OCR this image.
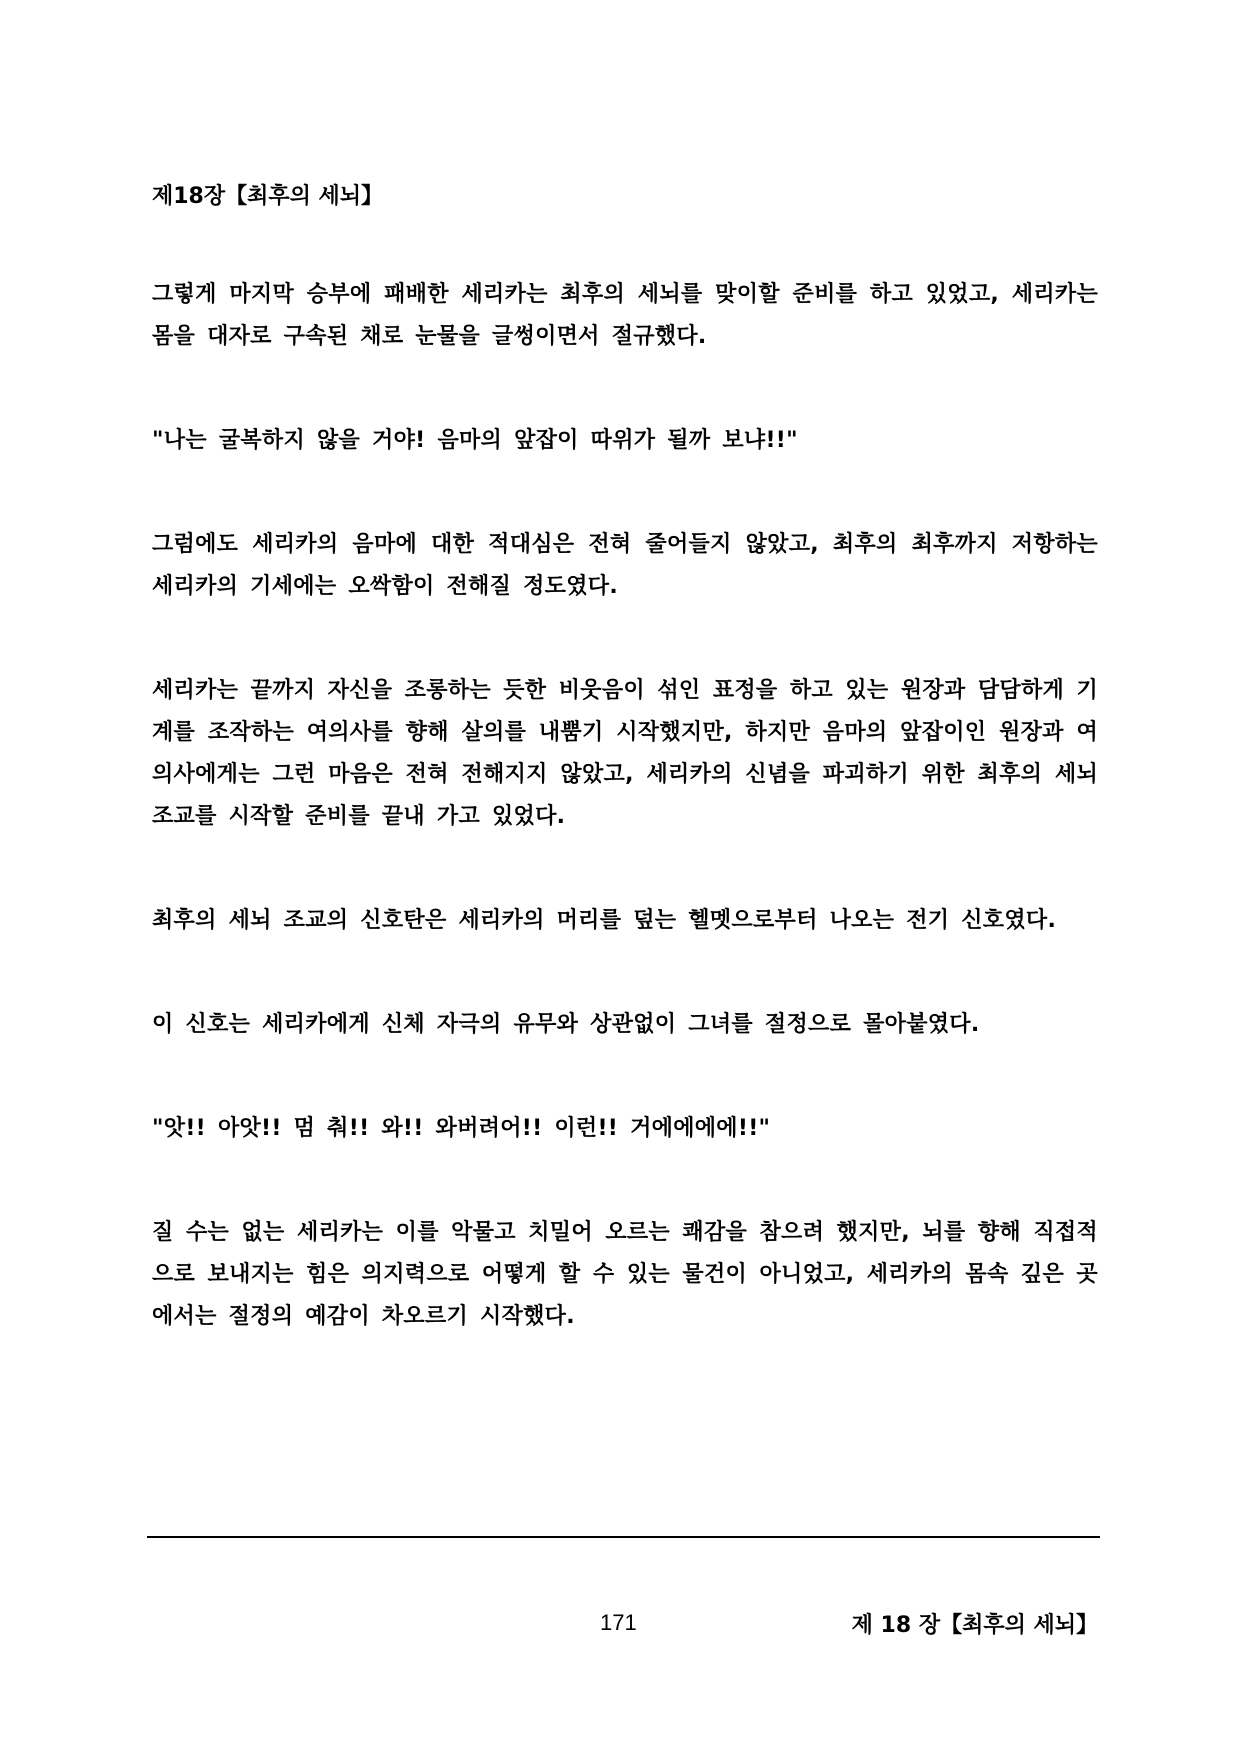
제18장【최후의 세뇌】

그렇게 마지막 승부에 패배한 세리카는 최후의 세뇌를 맞이할 준비를 하고 있었고, 세리카는 몸을 대자로 구속된 채로 눈물을 글썽이면서 절규했다.

"나는 굴복하지 않을 거야! 음마의 앞잡이 따위가 될까 보냐!!"

그럼에도 세리카의 음마에 대한 적대심은 전혀 줄어들지 않았고, 최후의 최후까지 저항하는 세리카의 기세에는 오싹함이 전해질 정도였다.

세리카는 끝까지 자신을 조롱하는 듯한 비웃음이 섞인 표정을 하고 있는 원장과 담담하게 기계를 조작하는 여의사를 향해 살의를 내뿜기 시작했지만, 하지만 음마의 앞잡이인 원장과 여의사에게는 그런 마음은 전혀 전해지지 않았고, 세리카의 신념을 파괴하기 위한 최후의 세뇌 조교를 시작할 준비를 끝내 가고 있었다.

최후의 세뇌 조교의 신호탄은 세리카의 머리를 덮는 헬멧으로부터 나오는 전기 신호였다.

이 신호는 세리카에게 신체 자극의 유무와 상관없이 그녀를 절정으로 몰아붙였다.

"앗!! 아앗!! 멈 춰!! 와!! 와버려어!! 이런!! 거에에에에!!"

질 수는 없는 세리카는 이를 악물고 치밀어 오르는 쾌감을 참으려 했지만, 뇌를 향해 직접적으로 보내지는 힘은 의지력으로 어떻게 할 수 있는 물건이 아니었고, 세리카의 몸속 깊은 곳에서는 절정의 예감이 차오르기 시작했다.

171	제 18 장【최후의 세뇌】
